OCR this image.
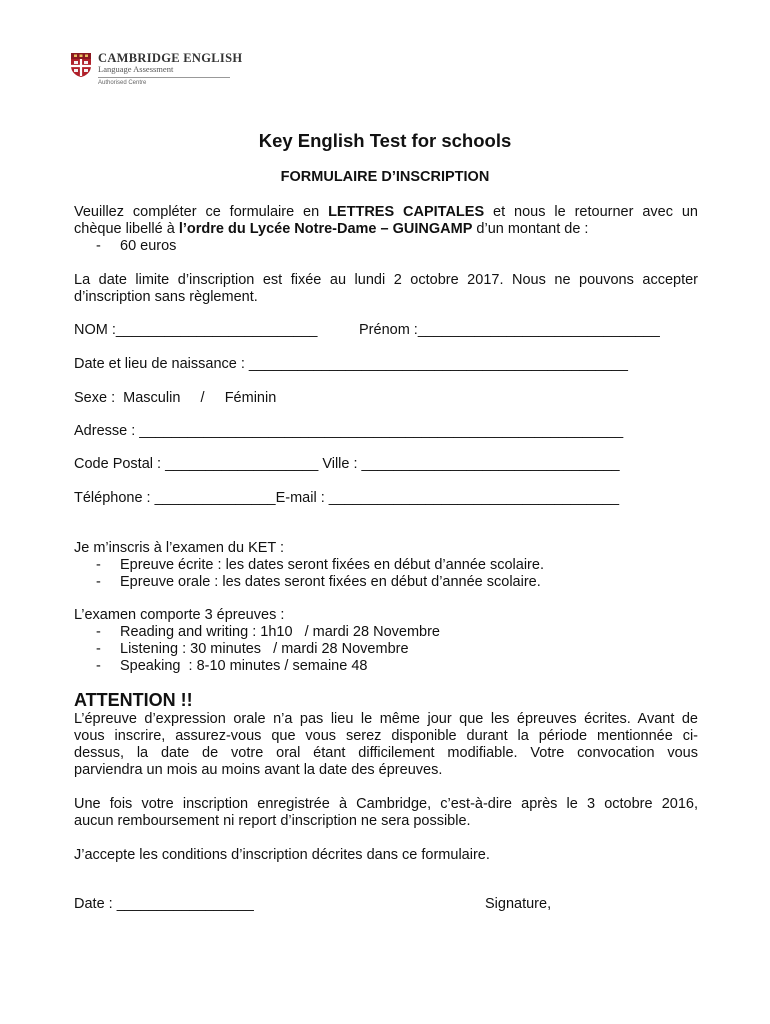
CAMBRIDGE ENGLISH
Language Assessment
Authorised Centre
Key English Test for schools
FORMULAIRE D’INSCRIPTION
Veuillez compléter ce formulaire en LETTRES CAPITALES et nous le retourner avec un
chèque libellé à l’ordre du Lycée Notre-Dame – GUINGAMP d’un montant de :
- 60 euros
La date limite d’inscription est fixée au lundi 2 octobre 2017. Nous ne pouvons accepter
d’inscription sans règlement.
NOM :_________________________	Prénom :______________________________
Date et lieu de naissance : _______________________________________________
Sexe :  Masculin     /     Féminin
Adresse : ____________________________________________________________
Code Postal : ___________________ Ville : ________________________________
Téléphone : _______________E-mail : ____________________________________
Je m’inscris à l’examen du KET :
- Epreuve écrite : les dates seront fixées en début d’année scolaire.
- Epreuve orale : les dates seront fixées en début d’année scolaire.
L’examen comporte 3 épreuves :
- Reading and writing : 1h10   / mardi 28 Novembre
- Listening : 30 minutes   / mardi 28 Novembre
- Speaking  : 8-10 minutes / semaine 48
ATTENTION !!
L’épreuve d’expression orale n’a pas lieu le même jour que les épreuves écrites. Avant de
vous inscrire, assurez-vous que vous serez disponible durant la période mentionnée ci-
dessus, la date de votre oral étant difficilement modifiable. Votre convocation vous
parviendra un mois au moins avant la date des épreuves.
Une fois votre inscription enregistrée à Cambridge, c’est-à-dire après le 3 octobre 2016,
aucun remboursement ni report d’inscription ne sera possible.
J’accepte les conditions d’inscription décrites dans ce formulaire.
Date : _________________	Signature,
